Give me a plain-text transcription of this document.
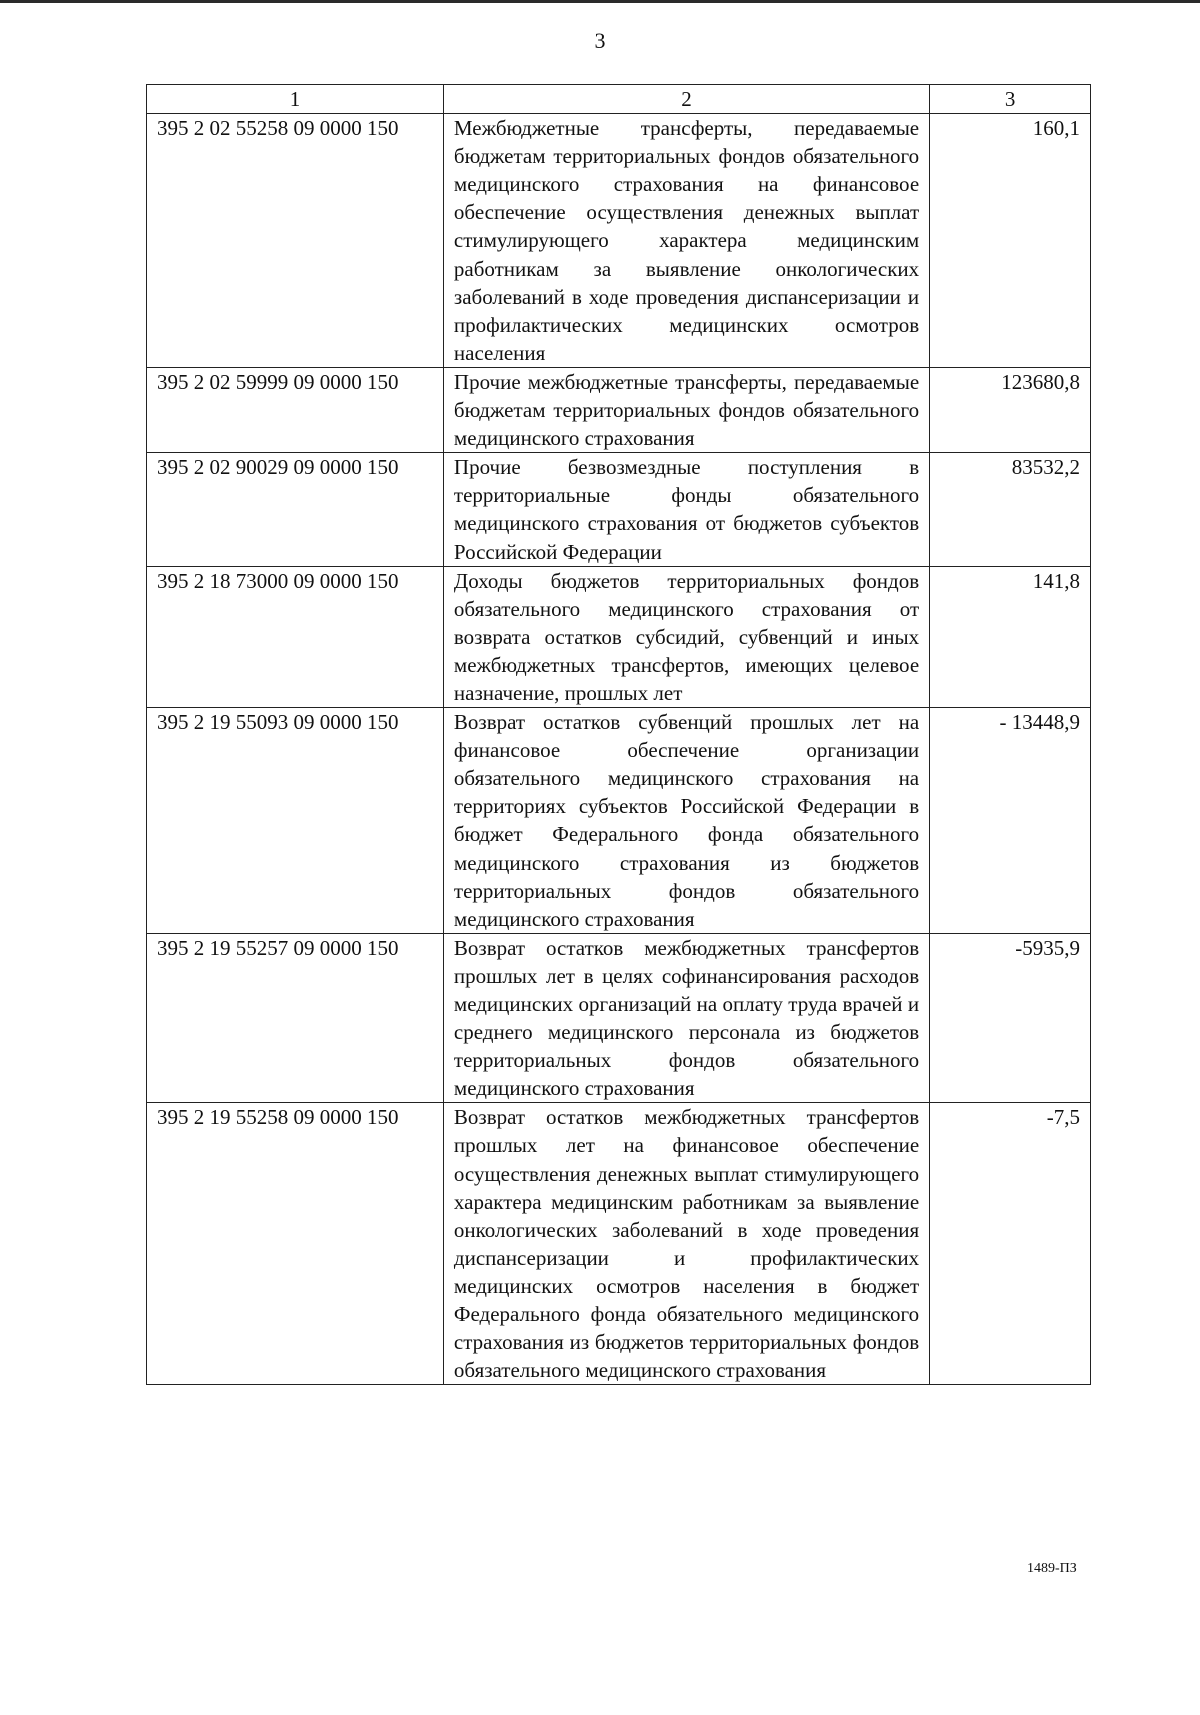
3
1	2	3
395 2 02 55258 09 0000 150	Межбюджетные трансферты, передаваемые бюджетам территориальных фондов обязательного медицинского страхования на финансовое обеспечение осуществления денежных выплат стимулирующего характера медицинским работникам за выявление онкологических заболеваний в ходе проведения диспансеризации и профилактических медицинских осмотров населения	160,1
395 2 02 59999 09 0000 150	Прочие межбюджетные трансферты, передаваемые бюджетам территориальных фондов обязательного медицинского страхования	123680,8
395 2 02 90029 09 0000 150	Прочие безвозмездные поступления в территориальные фонды обязательного медицинского страхования от бюджетов субъектов Российской Федерации	83532,2
395 2 18 73000 09 0000 150	Доходы бюджетов территориальных фондов обязательного медицинского страхования от возврата остатков субсидий, субвенций и иных межбюджетных трансфертов, имеющих целевое назначение, прошлых лет	141,8
395 2 19 55093 09 0000 150	Возврат остатков субвенций прошлых лет на финансовое обеспечение организации обязательного медицинского страхования на территориях субъектов Российской Федерации в бюджет Федерального фонда обязательного медицинского страхования из бюджетов территориальных фондов обязательного медицинского страхования	- 13448,9
395 2 19 55257 09 0000 150	Возврат остатков межбюджетных трансфертов прошлых лет в целях софинансирования расходов медицинских организаций на оплату труда врачей и среднего медицинского персонала из бюджетов территориальных фондов обязательного медицинского страхования	-5935,9
395 2 19 55258 09 0000 150	Возврат остатков межбюджетных трансфертов прошлых лет на финансовое обеспечение осуществления денежных выплат стимулирующего характера медицинским работникам за выявление онкологических заболеваний в ходе проведения диспансеризации и профилактических медицинских осмотров населения в бюджет Федерального фонда обязательного медицинского страхования из бюджетов территориальных фондов обязательного медицинского страхования	-7,5
1489-ПЗ
